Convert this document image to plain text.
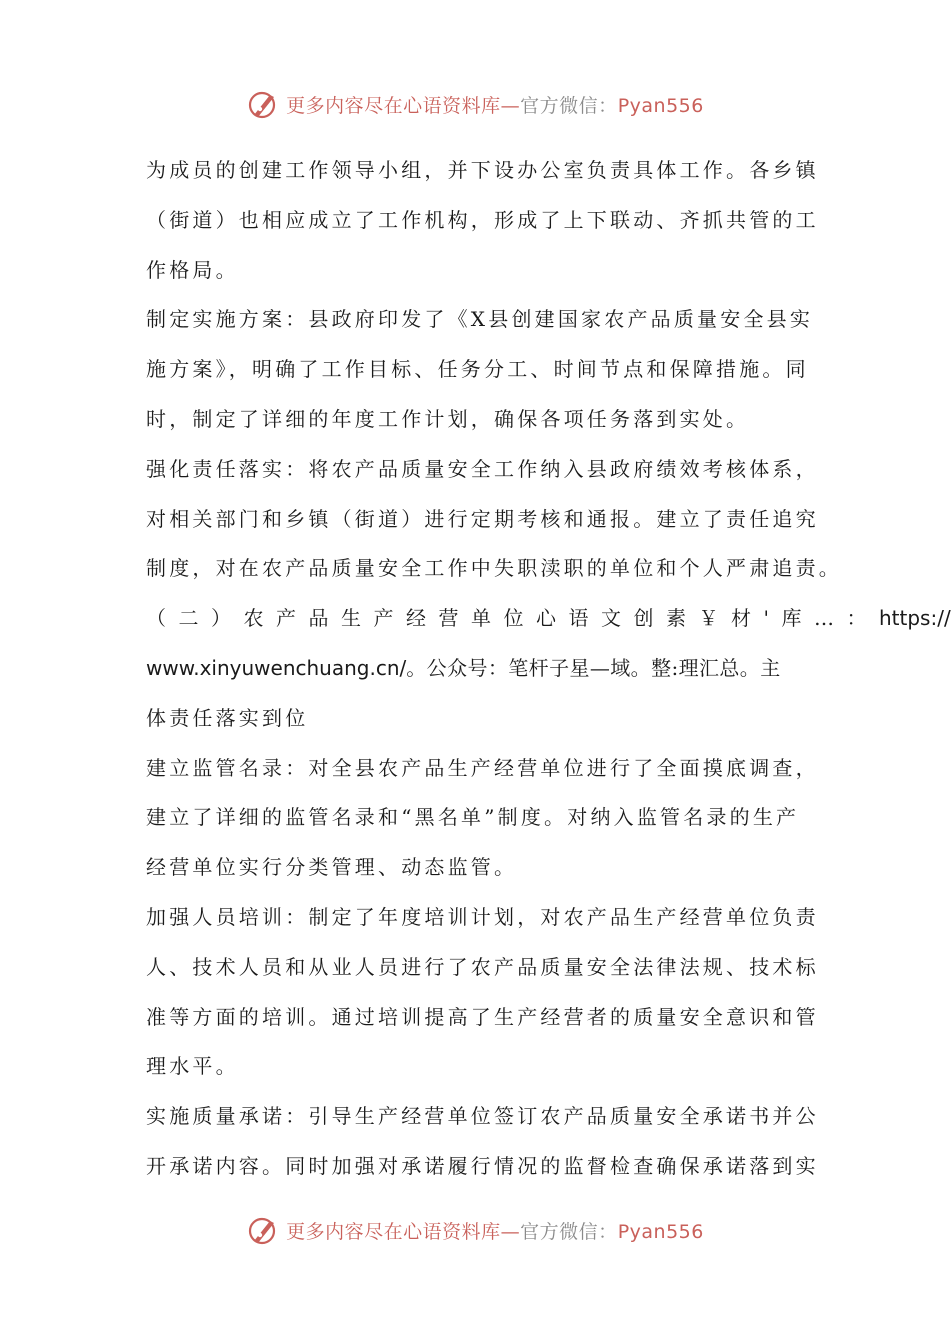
更多内容尽在心语资料库—官方微信：Pyan556
为成员的创建工作领导小组，并下设办公室负责具体工作。各乡镇
（街道）也相应成立了工作机构，形成了上下联动、齐抓共管的工
作格局。
制定实施方案：县政府印发了《X县创建国家农产品质量安全县实
施方案》，明确了工作目标、任务分工、时间节点和保障措施。同
时，制定了详细的年度工作计划，确保各项任务落到实处。
强化责任落实：将农产品质量安全工作纳入县政府绩效考核体系，
对相关部门和乡镇（街道）进行定期考核和通报。建立了责任追究
制度，对在农产品质量安全工作中失职渎职的单位和个人严肃追责。
（二）农产品生产经营单位心语文创素￥材'库…：https://
www.xinyuwenchuang.cn/。公众号：笔杆子星—域。整:理汇总。主
体责任落实到位
建立监管名录：对全县农产品生产经营单位进行了全面摸底调查，
建立了详细的监管名录和“黑名单”制度。对纳入监管名录的生产
经营单位实行分类管理、动态监管。
加强人员培训：制定了年度培训计划，对农产品生产经营单位负责
人、技术人员和从业人员进行了农产品质量安全法律法规、技术标
准等方面的培训。通过培训提高了生产经营者的质量安全意识和管
理水平。
实施质量承诺：引导生产经营单位签订农产品质量安全承诺书并公
开承诺内容。同时加强对承诺履行情况的监督检查确保承诺落到实
更多内容尽在心语资料库—官方微信：Pyan556
